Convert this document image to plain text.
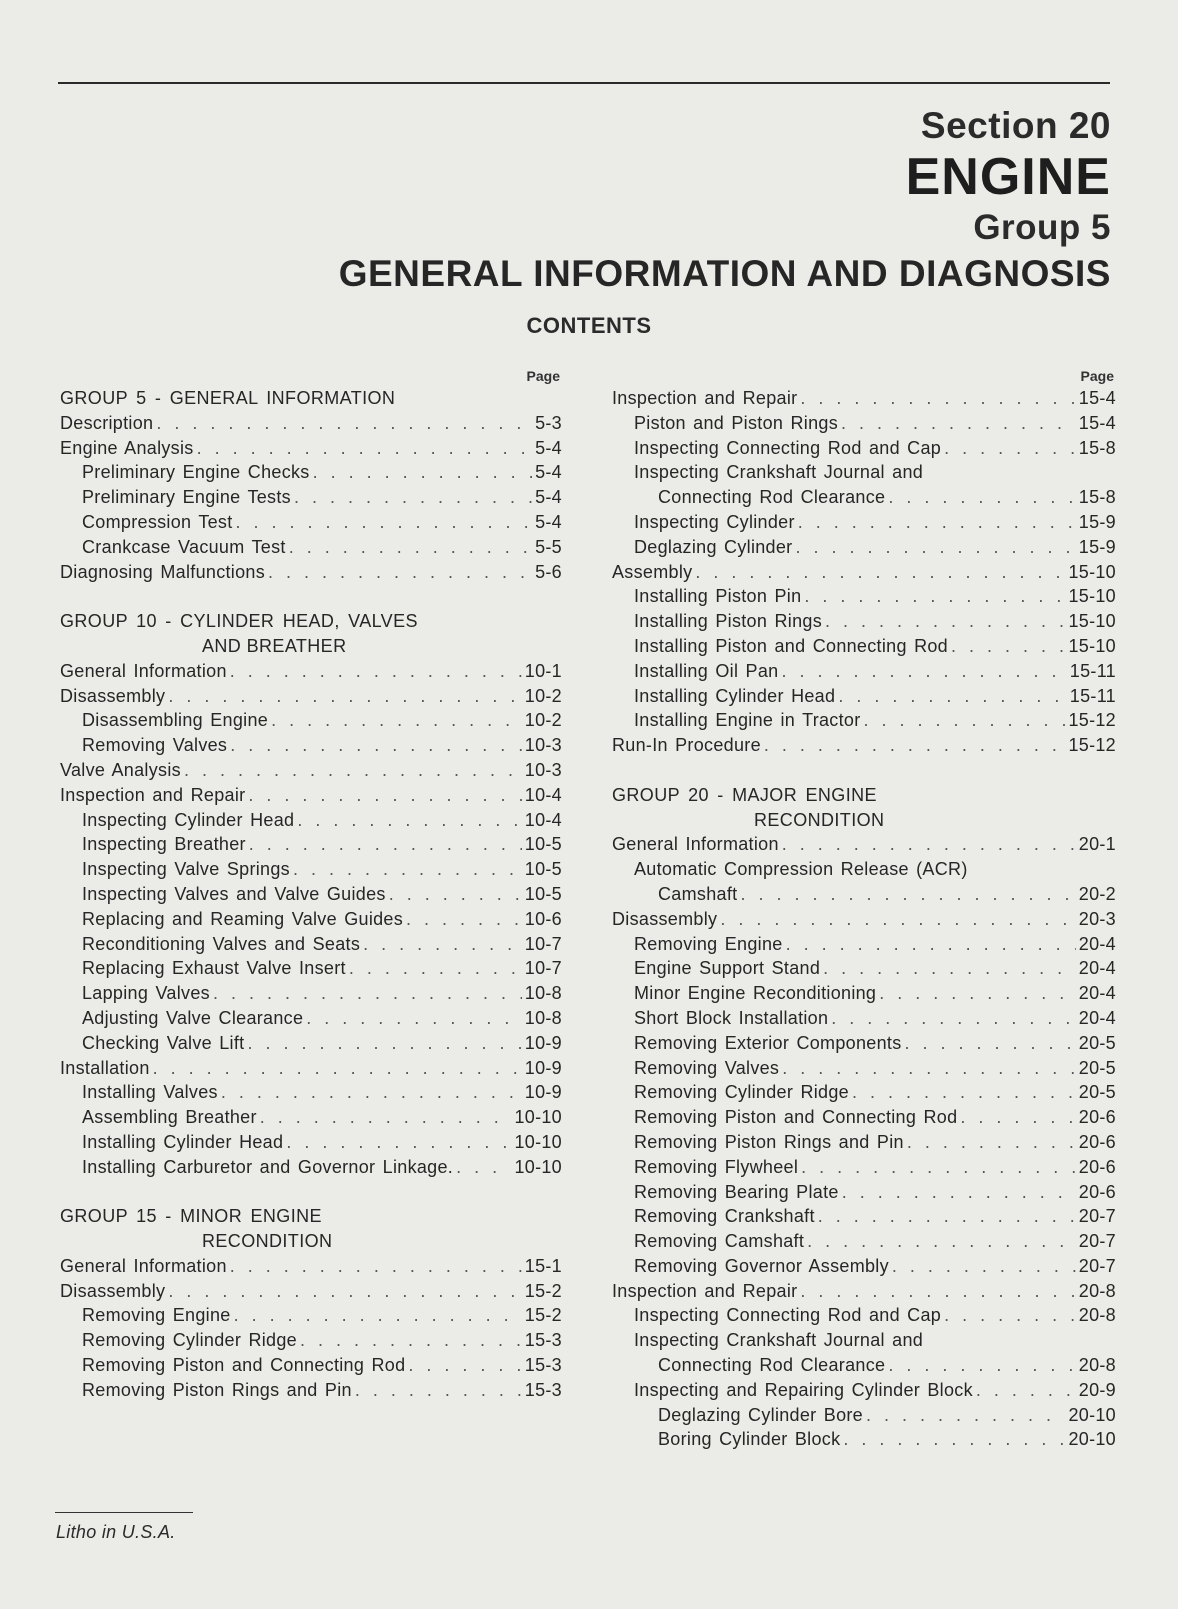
Section 20
ENGINE
Group 5
GENERAL INFORMATION AND DIAGNOSIS
CONTENTS
Page
GROUP 5 - GENERAL INFORMATION
Description . . .	5-3
Engine Analysis . . .	5-4
Preliminary Engine Checks . . .	5-4
Preliminary Engine Tests . . .	5-4
Compression Test . . .	5-4
Crankcase Vacuum Test . . .	5-5
Diagnosing Malfunctions . . .	5-6
GROUP 10 - CYLINDER HEAD, VALVES
AND BREATHER
General Information . . .	10-1
Disassembly . . .	10-2
Disassembling Engine . . .	10-2
Removing Valves . . .	10-3
Valve Analysis . . .	10-3
Inspection and Repair . . .	10-4
Inspecting Cylinder Head . . .	10-4
Inspecting Breather . . .	10-5
Inspecting Valve Springs . . .	10-5
Inspecting Valves and Valve Guides . . .	10-5
Replacing and Reaming Valve Guides . . .	10-6
Reconditioning Valves and Seats . . .	10-7
Replacing Exhaust Valve Insert . . .	10-7
Lapping Valves . . .	10-8
Adjusting Valve Clearance . . .	10-8
Checking Valve Lift . . .	10-9
Installation . . .	10-9
Installing Valves . . .	10-9
Assembling Breather . . .	10-10
Installing Cylinder Head . . .	10-10
Installing Carburetor and Governor Linkage. . . .	10-10
GROUP 15 - MINOR ENGINE
RECONDITION
General Information . . .	15-1
Disassembly . . .	15-2
Removing Engine . . .	15-2
Removing Cylinder Ridge . . .	15-3
Removing Piston and Connecting Rod . . .	15-3
Removing Piston Rings and Pin . . .	15-3
Page
Inspection and Repair . . .	15-4
Piston and Piston Rings . . .	15-4
Inspecting Connecting Rod and Cap . . .	15-8
Inspecting Crankshaft Journal and
Connecting Rod Clearance . . .	15-8
Inspecting Cylinder . . .	15-9
Deglazing Cylinder . . .	15-9
Assembly . . .	15-10
Installing Piston Pin . . .	15-10
Installing Piston Rings . . .	15-10
Installing Piston and Connecting Rod . . .	15-10
Installing Oil Pan . . .	15-11
Installing Cylinder Head . . .	15-11
Installing Engine in Tractor . . .	15-12
Run-In Procedure . . .	15-12
GROUP 20 - MAJOR ENGINE
RECONDITION
General Information . . .	20-1
Automatic Compression Release (ACR)
Camshaft . . .	20-2
Disassembly . . .	20-3
Removing Engine . . .	20-4
Engine Support Stand . . .	20-4
Minor Engine Reconditioning . . .	20-4
Short Block Installation . . .	20-4
Removing Exterior Components . . .	20-5
Removing Valves . . .	20-5
Removing Cylinder Ridge . . .	20-5
Removing Piston and Connecting Rod . . .	20-6
Removing Piston Rings and Pin . . .	20-6
Removing Flywheel . . .	20-6
Removing Bearing Plate . . .	20-6
Removing Crankshaft . . .	20-7
Removing Camshaft . . .	20-7
Removing Governor Assembly . . .	20-7
Inspection and Repair . . .	20-8
Inspecting Connecting Rod and Cap . . .	20-8
Inspecting Crankshaft Journal and
Connecting Rod Clearance . . .	20-8
Inspecting and Repairing Cylinder Block . . .	20-9
Deglazing Cylinder Bore . . .	20-10
Boring Cylinder Block . . .	20-10
Litho in U.S.A.
